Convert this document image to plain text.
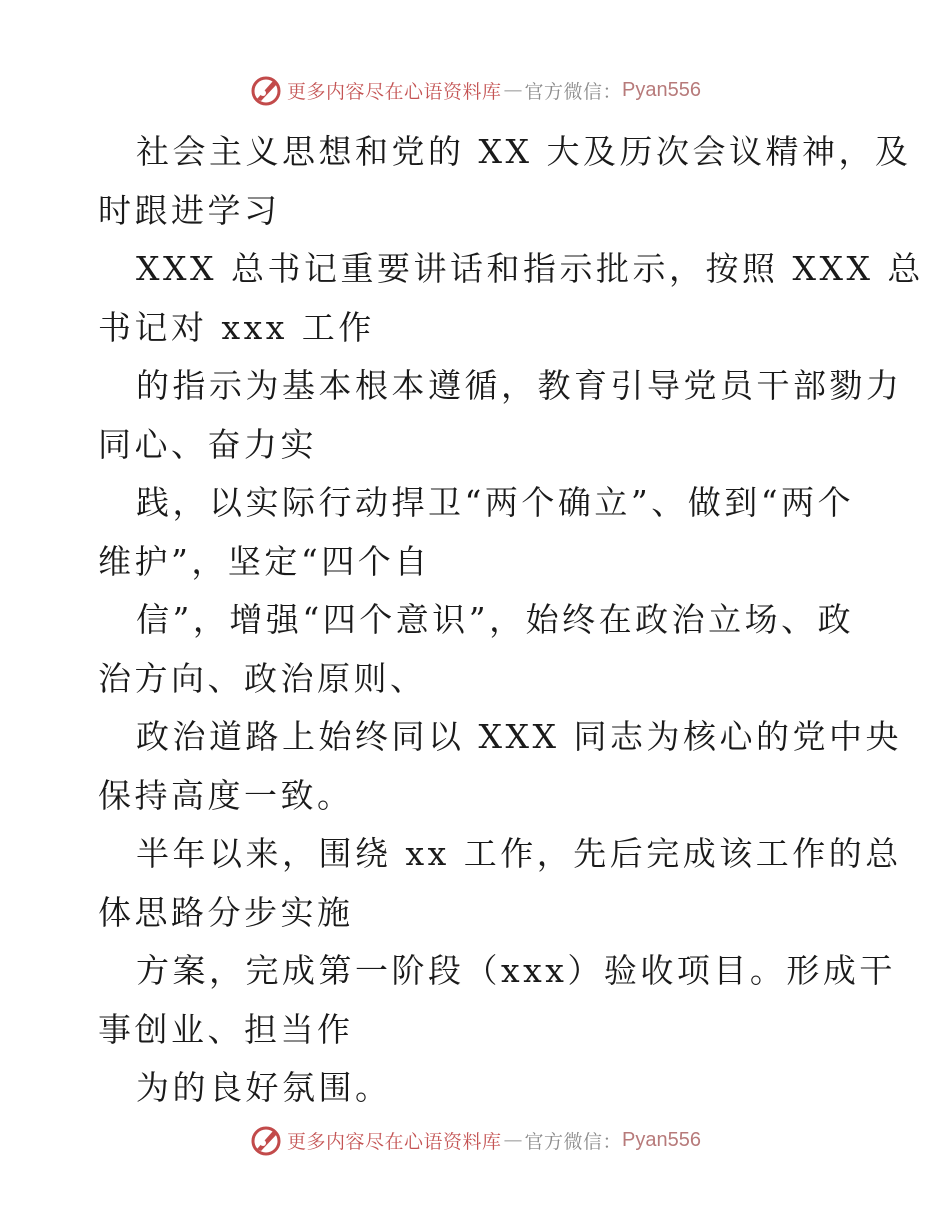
更多内容尽在心语资料库 — 官方微信： Pyan556

社会主义思想和党的 XX 大及历次会议精神，及

时跟进学习

XXX 总书记重要讲话和指示批示，按照 XXX 总

书记对 xxx 工作

的指示为基本根本遵循，教育引导党员干部勠力

同心、奋力实

践，以实际行动捍卫“两个确立”、做到“两个

维护”，坚定“四个自

信”，增强“四个意识”，始终在政治立场、政

治方向、政治原则、

政治道路上始终同以 XXX 同志为核心的党中央

保持高度一致。

半年以来，围绕 xx 工作，先后完成该工作的总

体思路分步实施

方案，完成第一阶段（xxx）验收项目。形成干

事创业、担当作

为的良好氛围。

更多内容尽在心语资料库 — 官方微信： Pyan556
